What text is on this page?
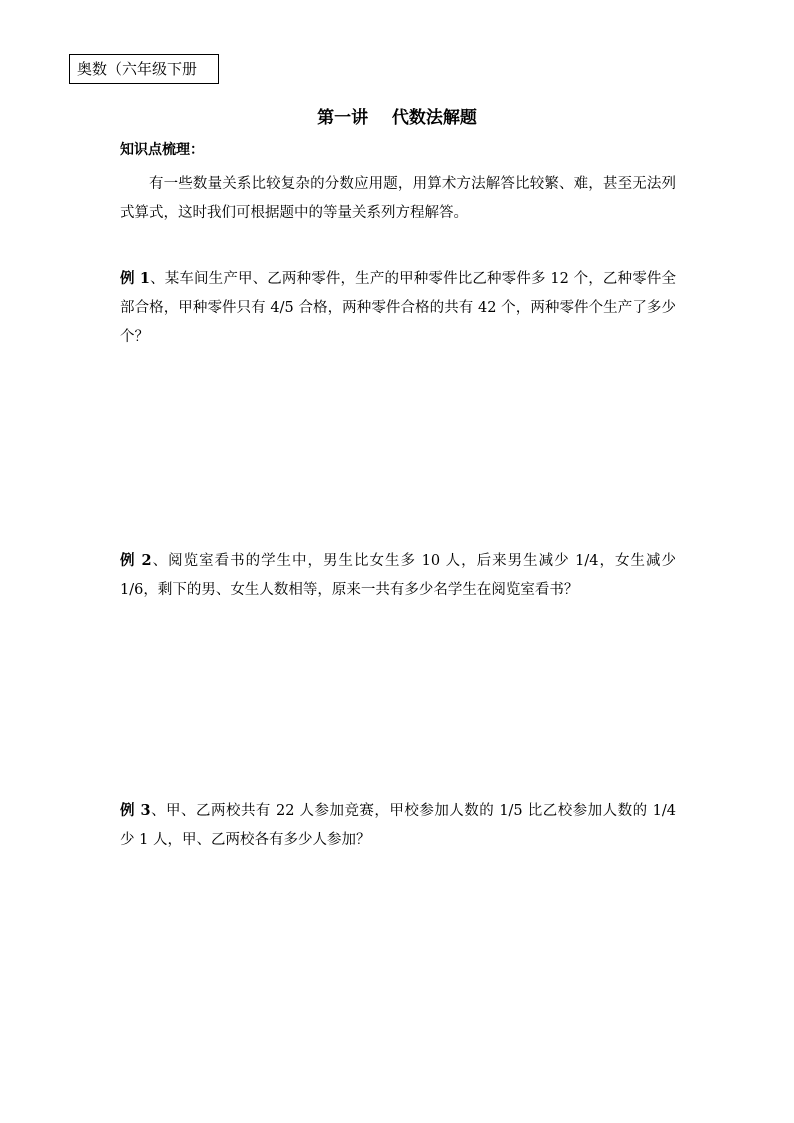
奥数（六年级下册
第一讲    代数法解题
知识点梳理：

有一些数量关系比较复杂的分数应用题，用算术方法解答比较繁、难，甚至无法列式算式，这时我们可根据题中的等量关系列方程解答。

例 1、某车间生产甲、乙两种零件，生产的甲种零件比乙种零件多 12 个，乙种零件全部合格，甲种零件只有 4/5 合格，两种零件合格的共有 42 个，两种零件个生产了多少个？

例 2、阅览室看书的学生中，男生比女生多 10 人，后来男生减少 1/4，女生减少 1/6，剩下的男、女生人数相等，原来一共有多少名学生在阅览室看书？

例 3、甲、乙两校共有 22 人参加竞赛，甲校参加人数的 1/5 比乙校参加人数的 1/4 少 1 人，甲、乙两校各有多少人参加？
